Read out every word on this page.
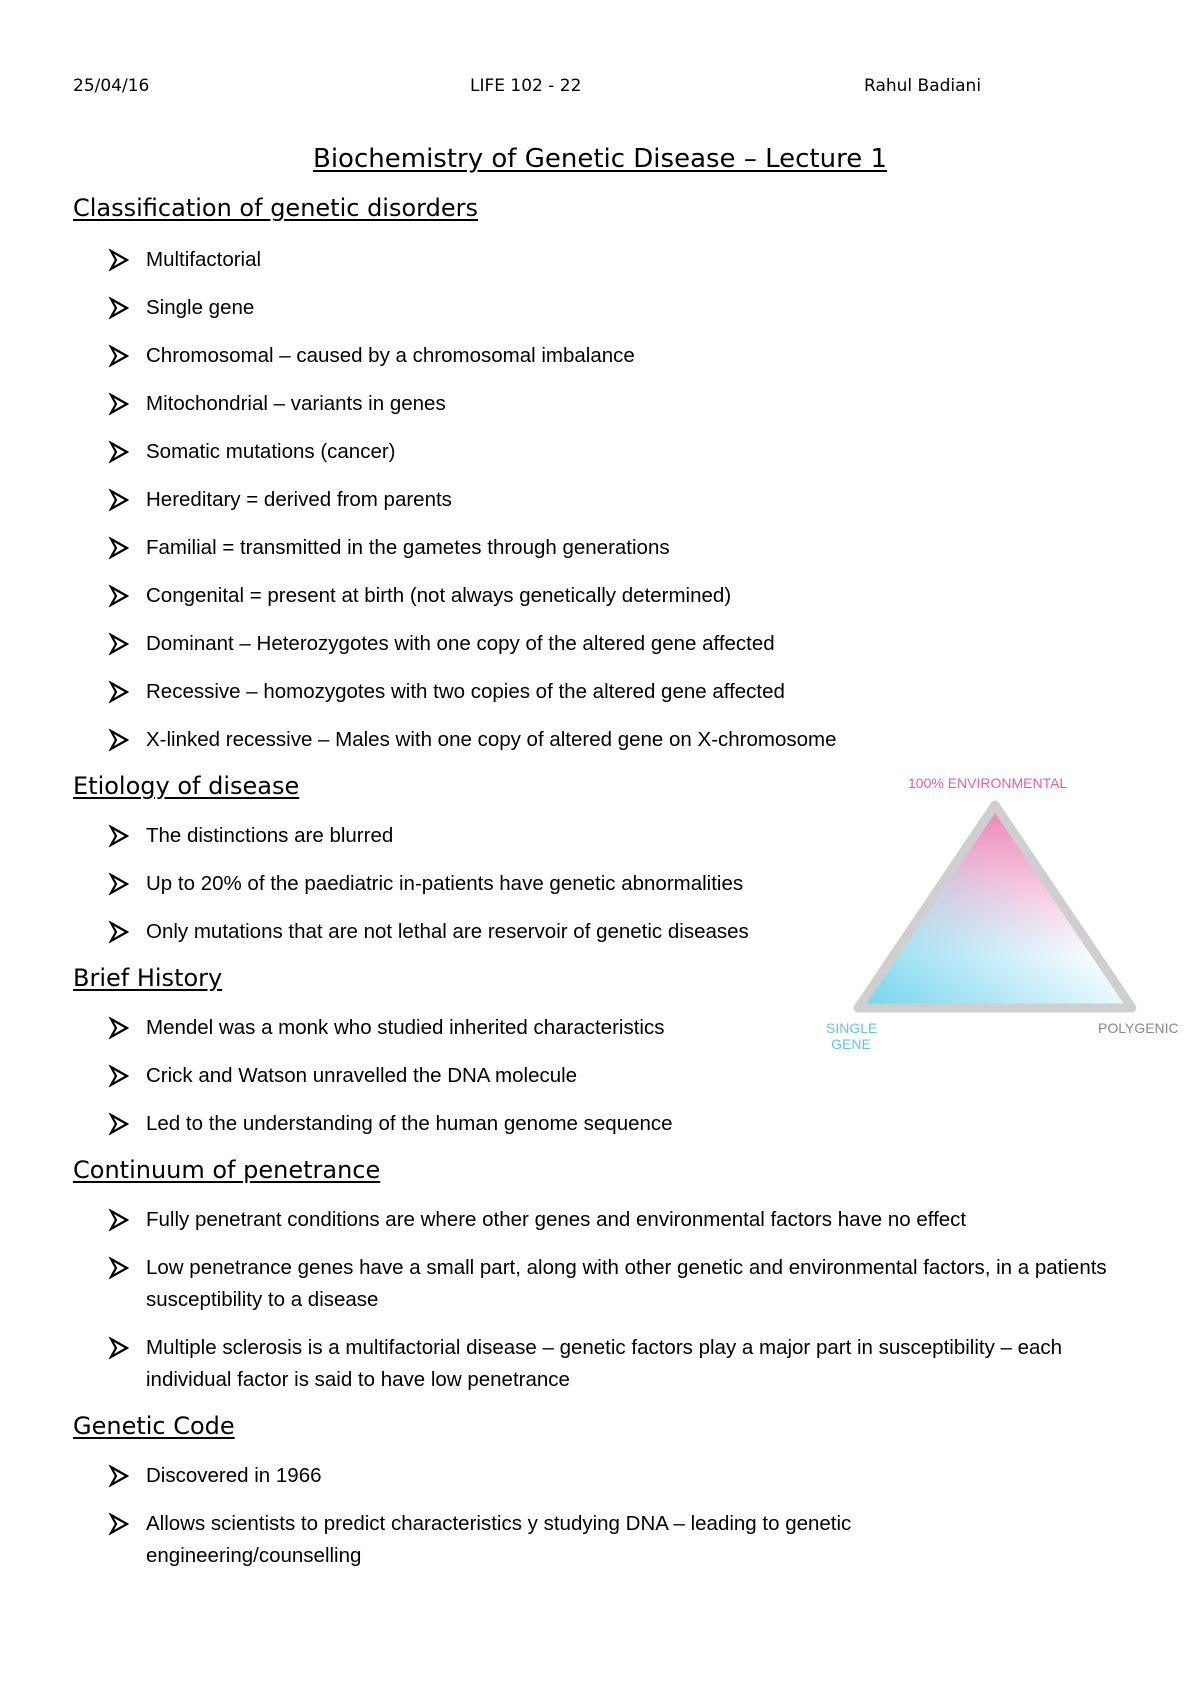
25/04/16	LIFE 102 - 22	Rahul Badiani
Biochemistry of Genetic Disease – Lecture 1
Classification of genetic disorders
Multifactorial
Single gene
Chromosomal – caused by a chromosomal imbalance
Mitochondrial – variants in genes
Somatic mutations (cancer)
Hereditary = derived from parents
Familial = transmitted in the gametes through generations
Congenital = present at birth (not always genetically determined)
Dominant – Heterozygotes with one copy of the altered gene affected
Recessive – homozygotes with two copies of the altered gene affected
X-linked recessive – Males with one copy of altered gene on X-chromosome
Etiology of disease
The distinctions are blurred
Up to 20% of the paediatric in-patients have genetic abnormalities
Only mutations that are not lethal are reservoir of genetic diseases
Brief History
Mendel was a monk who studied inherited characteristics
Crick and Watson unravelled the DNA molecule
Led to the understanding of the human genome sequence
Continuum of penetrance
Fully penetrant conditions are where other genes and environmental factors have no effect
Low penetrance genes have a small part, along with other genetic and environmental factors, in a patients susceptibility to a disease
Multiple sclerosis is a multifactorial disease – genetic factors play a major part in susceptibility – each individual factor is said to have low penetrance
Genetic Code
Discovered in 1966
Allows scientists to predict characteristics y studying DNA – leading to genetic engineering/counselling
100% ENVIRONMENTAL
SINGLE
GENE
POLYGENIC
